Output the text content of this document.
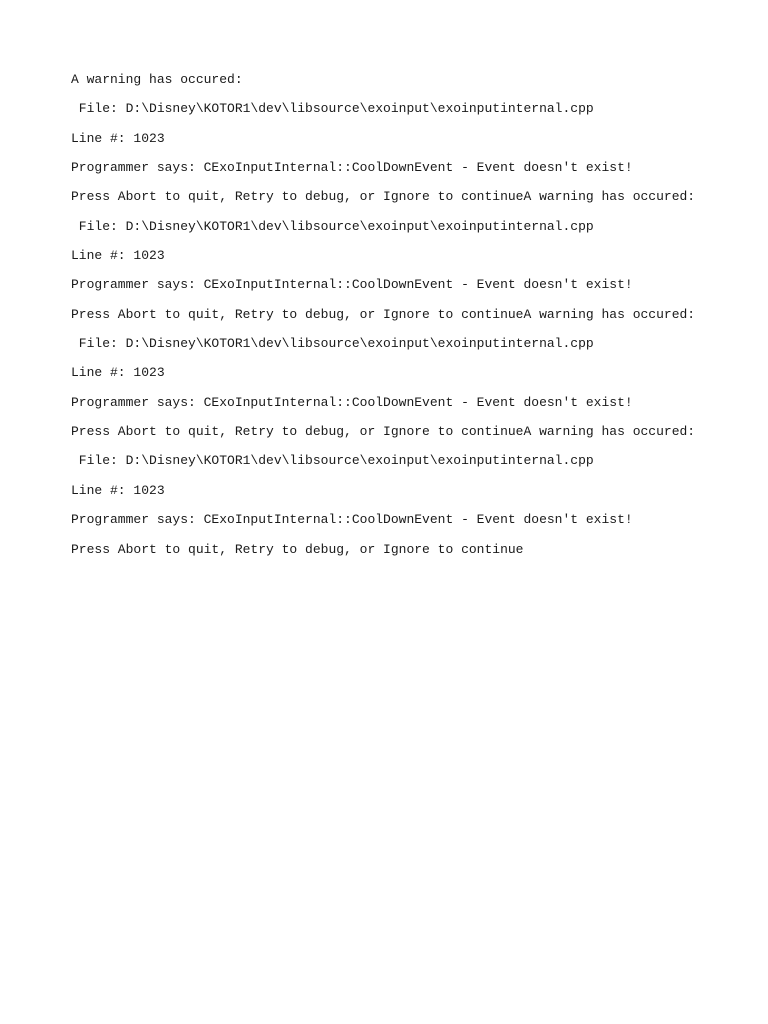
A warning has occured:
File: D:\Disney\KOTOR1\dev\libsource\exoinput\exoinputinternal.cpp
Line #: 1023
Programmer says: CExoInputInternal::CoolDownEvent - Event doesn't exist!
Press Abort to quit, Retry to debug, or Ignore to continueA warning has occured:
File: D:\Disney\KOTOR1\dev\libsource\exoinput\exoinputinternal.cpp
Line #: 1023
Programmer says: CExoInputInternal::CoolDownEvent - Event doesn't exist!
Press Abort to quit, Retry to debug, or Ignore to continueA warning has occured:
File: D:\Disney\KOTOR1\dev\libsource\exoinput\exoinputinternal.cpp
Line #: 1023
Programmer says: CExoInputInternal::CoolDownEvent - Event doesn't exist!
Press Abort to quit, Retry to debug, or Ignore to continueA warning has occured:
File: D:\Disney\KOTOR1\dev\libsource\exoinput\exoinputinternal.cpp
Line #: 1023
Programmer says: CExoInputInternal::CoolDownEvent - Event doesn't exist!
Press Abort to quit, Retry to debug, or Ignore to continue
